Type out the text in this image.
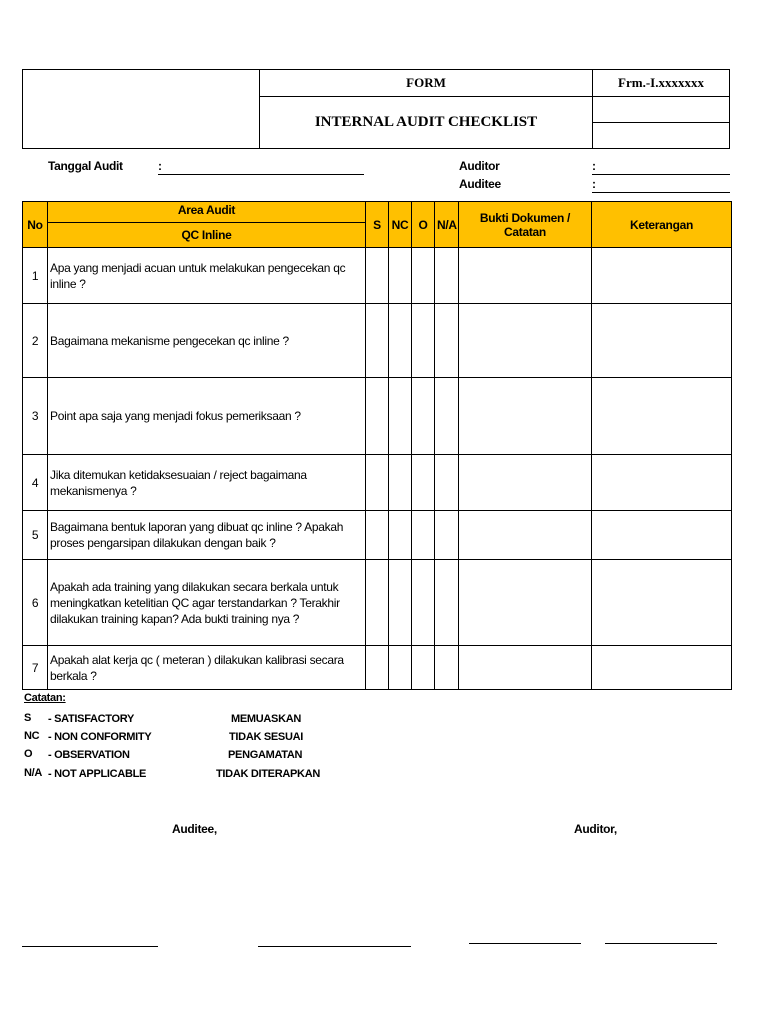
FORM
INTERNAL AUDIT CHECKLIST
Frm.-I.xxxxxxx
Tanggal Audit	:	Auditor	:
Auditee	:
No	Area Audit
QC Inline	S	NC	O	N/A	Bukti Dokumen / Catatan	Keterangan
1	Apa yang menjadi acuan untuk melakukan pengecekan qc inline ?						
2	Bagaimana mekanisme pengecekan qc inline ?						
3	Point apa saja yang menjadi fokus pemeriksaan ?						
4	Jika ditemukan ketidaksesuaian / reject bagaimana mekanismenya ?						
5	Bagaimana bentuk laporan yang dibuat qc inline ? Apakah proses pengarsipan dilakukan dengan baik ?						
6	Apakah ada training yang dilakukan secara berkala untuk meningkatkan ketelitian QC agar terstandarkan ? Terakhir dilakukan training kapan? Ada bukti training nya ?						
7	Apakah alat kerja qc ( meteran ) dilakukan kalibrasi secara berkala ?						
Catatan:
S - SATISFACTORY	MEMUASKAN
NC - NON CONFORMITY	TIDAK SESUAI
O - OBSERVATION	PENGAMATAN
N/A - NOT APPLICABLE	TIDAK DITERAPKAN
Auditee,	Auditor,
